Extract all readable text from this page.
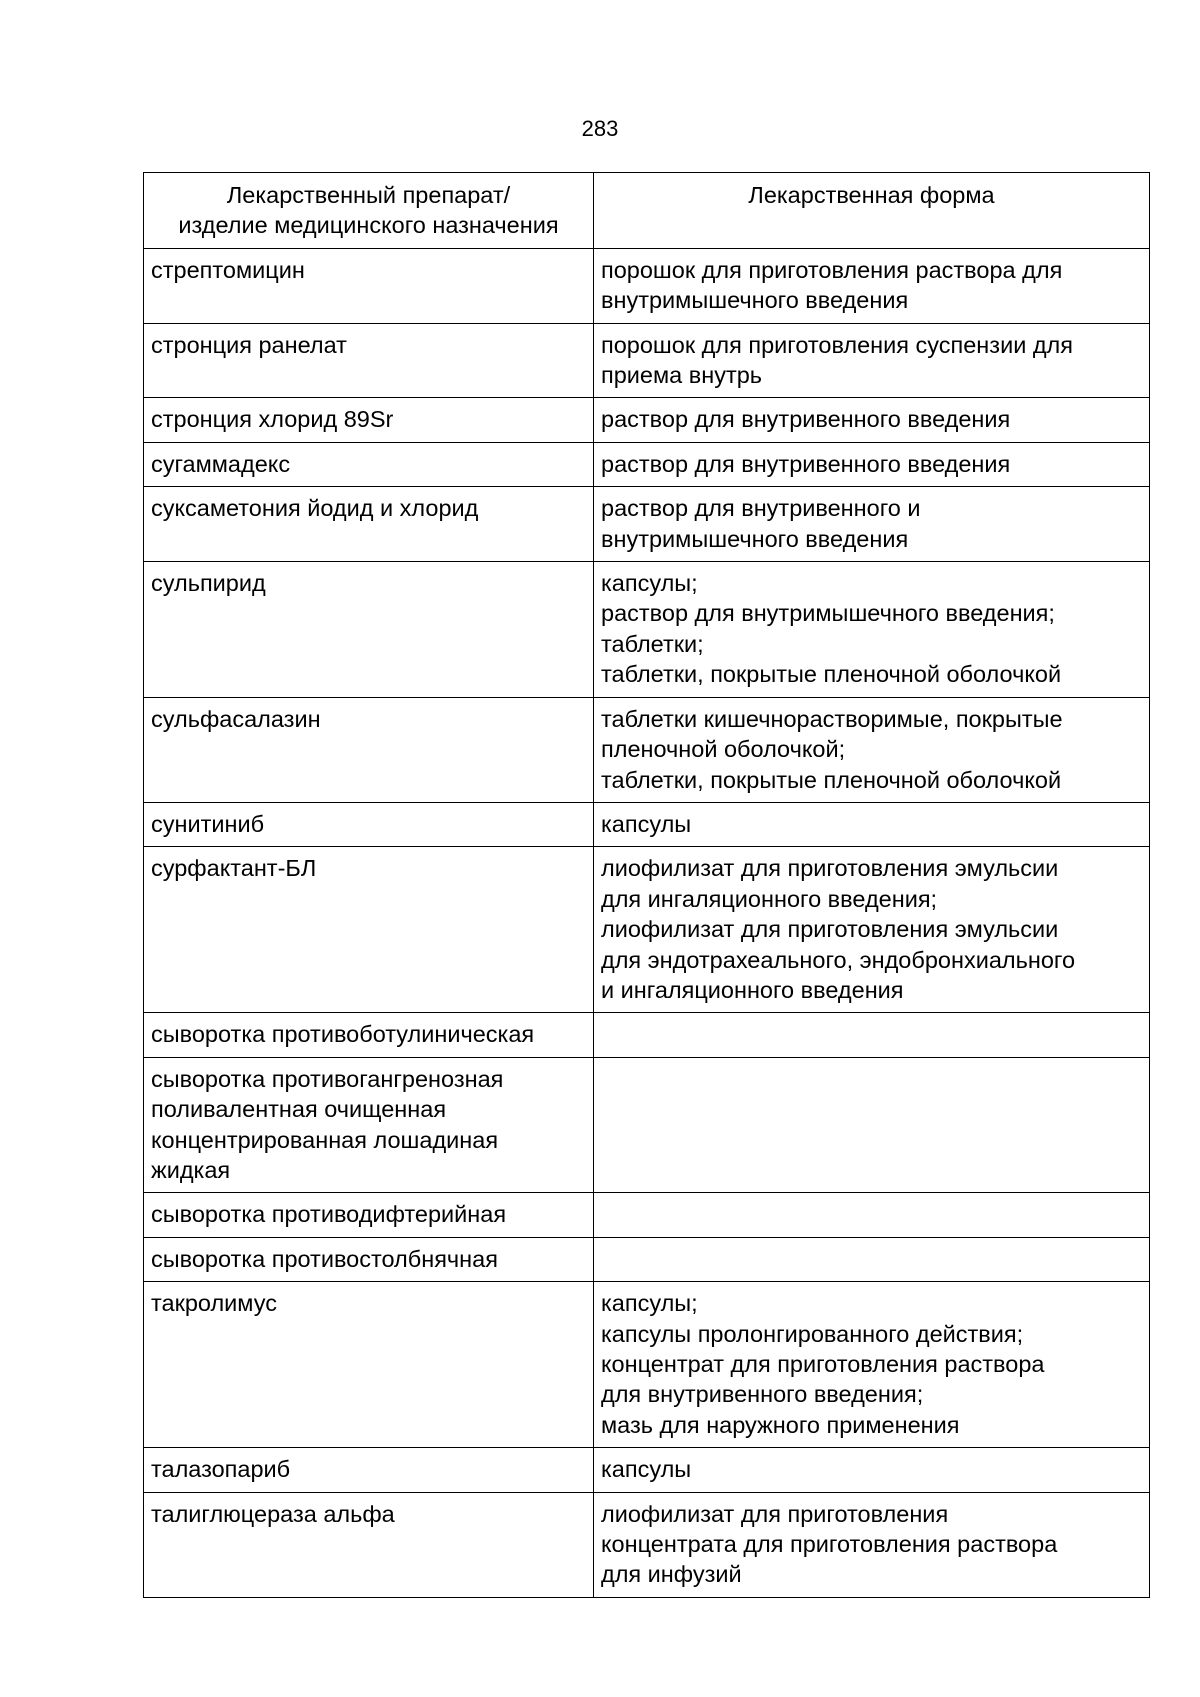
283
Лекарственный препарат/
изделие медицинского назначения	Лекарственная форма

стрептомицин	порошок для приготовления раствора для
внутримышечного введения

стронция ранелат	порошок для приготовления суспензии для
приема внутрь

стронция хлорид 89Sr	раствор для внутривенного введения

сугаммадекс	раствор для внутривенного введения

суксаметония йодид и хлорид	раствор для внутривенного и
внутримышечного введения

сульпирид	капсулы;
раствор для внутримышечного введения;
таблетки;
таблетки, покрытые пленочной оболочкой

сульфасалазин	таблетки кишечнорастворимые, покрытые
пленочной оболочкой;
таблетки, покрытые пленочной оболочкой

сунитиниб	капсулы

сурфактант-БЛ	лиофилизат для приготовления эмульсии
для ингаляционного введения;
лиофилизат для приготовления эмульсии
для эндотрахеального, эндобронхиального
и ингаляционного введения

сыворотка противоботулиническая	

сыворотка противогангренозная
поливалентная очищенная
концентрированная лошадиная
жидкая	

сыворотка противодифтерийная	

сыворотка противостолбнячная	

такролимус	капсулы;
капсулы пролонгированного действия;
концентрат для приготовления раствора
для внутривенного введения;
мазь для наружного применения

талазопариб	капсулы

талиглюцераза альфа	лиофилизат для приготовления
концентрата для приготовления раствора
для инфузий
